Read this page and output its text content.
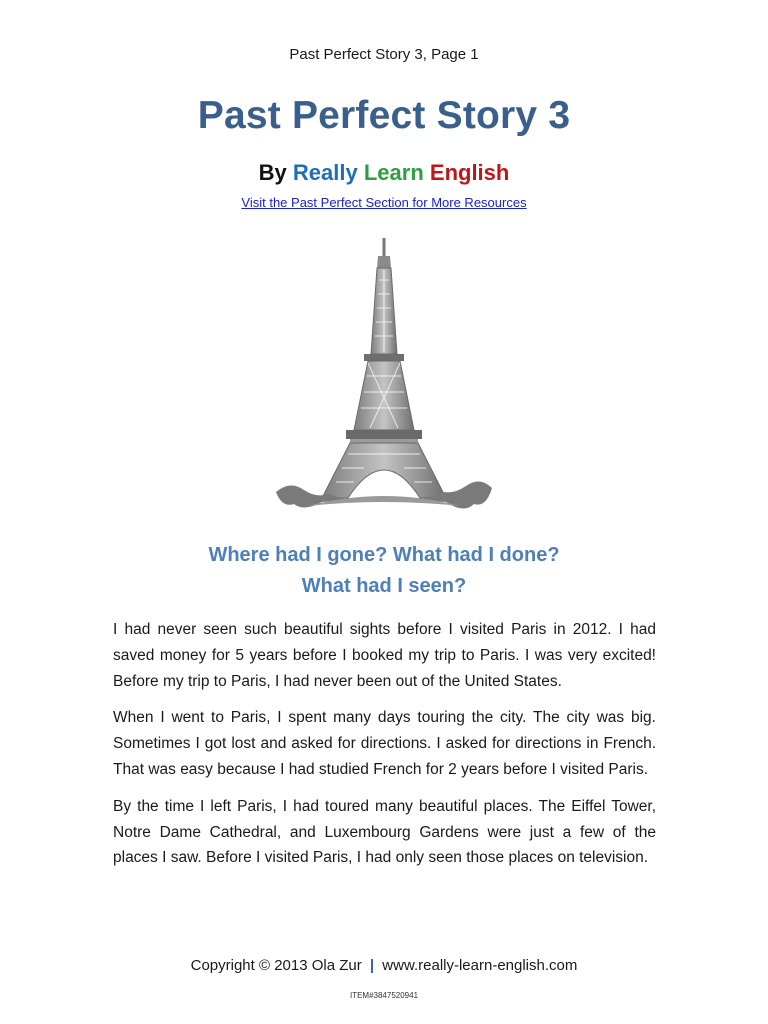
Past Perfect Story 3, Page 1
Past Perfect Story 3
By Really Learn English
Visit the Past Perfect Section for More Resources
Where had I gone? What had I done?
What had I seen?

I had never seen such beautiful sights before I visited Paris in 2012. I had saved money for 5 years before I booked my trip to Paris. I was very excited! Before my trip to Paris, I had never been out of the United States.

When I went to Paris, I spent many days touring the city. The city was big. Sometimes I got lost and asked for directions. I asked for directions in French. That was easy because I had studied French for 2 years before I visited Paris.

By the time I left Paris, I had toured many beautiful places. The Eiffel Tower, Notre Dame Cathedral, and Luxembourg Gardens were just a few of the places I saw. Before I visited Paris, I had only seen those places on television.

Copyright © 2013 Ola Zur | www.really-learn-english.com
ITEM#3847520941
